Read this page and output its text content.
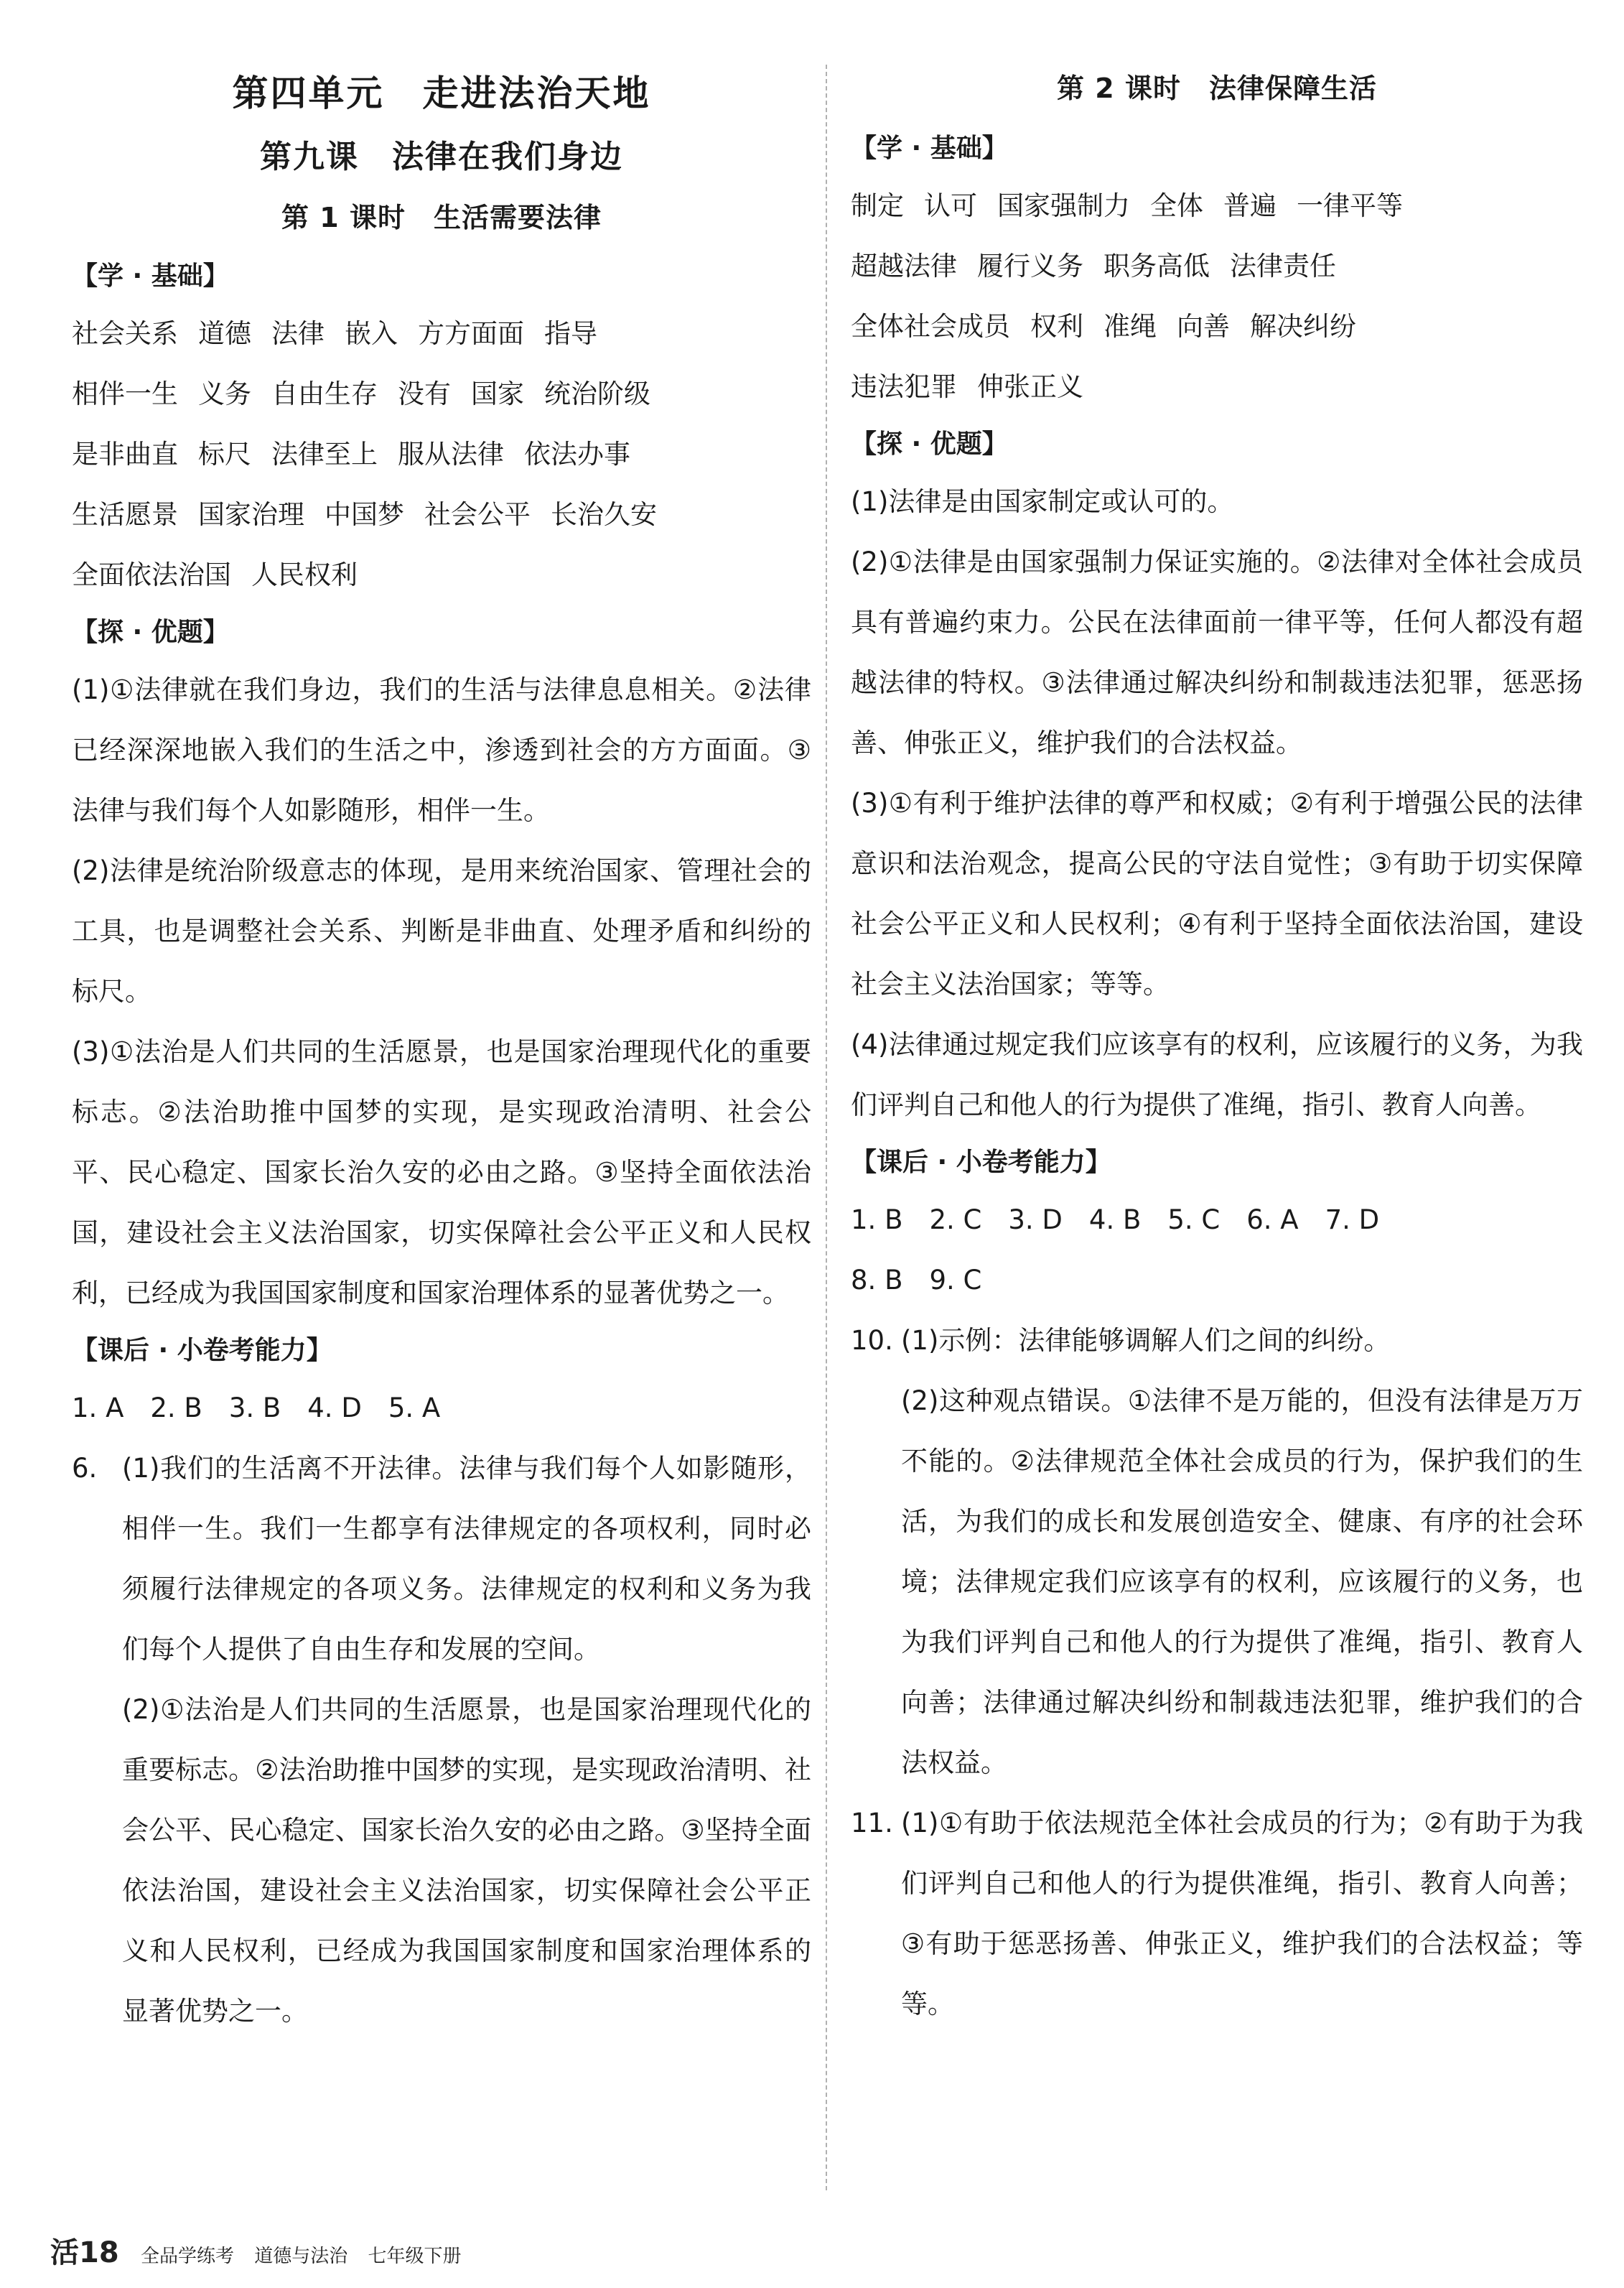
第四单元　走进法治天地
第九课　法律在我们身边
第 1 课时　生活需要法律
【学 · 基础】
社会关系 道德 法律 嵌入 方方面面 指导
相伴一生 义务 自由生存 没有 国家 统治阶级
是非曲直 标尺 法律至上 服从法律 依法办事
生活愿景 国家治理 中国梦 社会公平 长治久安
全面依法治国 人民权利
【探 · 优题】

(1)①法律就在我们身边，我们的生活与法律息息相关。②法律已经深深地嵌入我们的生活之中，渗透到社会的方方面面。③法律与我们每个人如影随形，相伴一生。

(2)法律是统治阶级意志的体现，是用来统治国家、管理社会的工具，也是调整社会关系、判断是非曲直、处理矛盾和纠纷的标尺。

(3)①法治是人们共同的生活愿景，也是国家治理现代化的重要标志。②法治助推中国梦的实现，是实现政治清明、社会公平、民心稳定、国家长治久安的必由之路。③坚持全面依法治国，建设社会主义法治国家，切实保障社会公平正义和人民权利，已经成为我国国家制度和国家治理体系的显著优势之一。

【课后 · 小卷考能力】

1. A　2. B　3. B　4. D　5. A

6. (1)我们的生活离不开法律。法律与我们每个人如影随形，相伴一生。我们一生都享有法律规定的各项权利，同时必须履行法律规定的各项义务。法律规定的权利和义务为我们每个人提供了自由生存和发展的空间。

(2)①法治是人们共同的生活愿景，也是国家治理现代化的重要标志。②法治助推中国梦的实现，是实现政治清明、社会公平、民心稳定、国家长治久安的必由之路。③坚持全面依法治国，建设社会主义法治国家，切实保障社会公平正义和人民权利，已经成为我国国家制度和国家治理体系的显著优势之一。

第 2 课时　法律保障生活
【学 · 基础】
制定 认可 国家强制力 全体 普遍 一律平等
超越法律 履行义务 职务高低 法律责任
全体社会成员 权利 准绳 向善 解决纠纷
违法犯罪 伸张正义
【探 · 优题】

(1)法律是由国家制定或认可的。

(2)①法律是由国家强制力保证实施的。②法律对全体社会成员具有普遍约束力。公民在法律面前一律平等，任何人都没有超越法律的特权。③法律通过解决纠纷和制裁违法犯罪，惩恶扬善、伸张正义，维护我们的合法权益。

(3)①有利于维护法律的尊严和权威；②有利于增强公民的法律意识和法治观念，提高公民的守法自觉性；③有助于切实保障社会公平正义和人民权利；④有利于坚持全面依法治国，建设社会主义法治国家；等等。

(4)法律通过规定我们应该享有的权利，应该履行的义务，为我们评判自己和他人的行为提供了准绳，指引、教育人向善。

【课后 · 小卷考能力】

1. B　2. C　3. D　4. B　5. C　6. A　7. D

8. B　9. C

10. (1)示例：法律能够调解人们之间的纠纷。

(2)这种观点错误。①法律不是万能的，但没有法律是万万不能的。②法律规范全体社会成员的行为，保护我们的生活，为我们的成长和发展创造安全、健康、有序的社会环境；法律规定我们应该享有的权利，应该履行的义务，也为我们评判自己和他人的行为提供了准绳，指引、教育人向善；法律通过解决纠纷和制裁违法犯罪，维护我们的合法权益。

11. (1)①有助于依法规范全体社会成员的行为；②有助于为我们评判自己和他人的行为提供准绳，指引、教育人向善；③有助于惩恶扬善、伸张正义，维护我们的合法权益；等等。

活18 全品学练考 道德与法治 七年级下册
